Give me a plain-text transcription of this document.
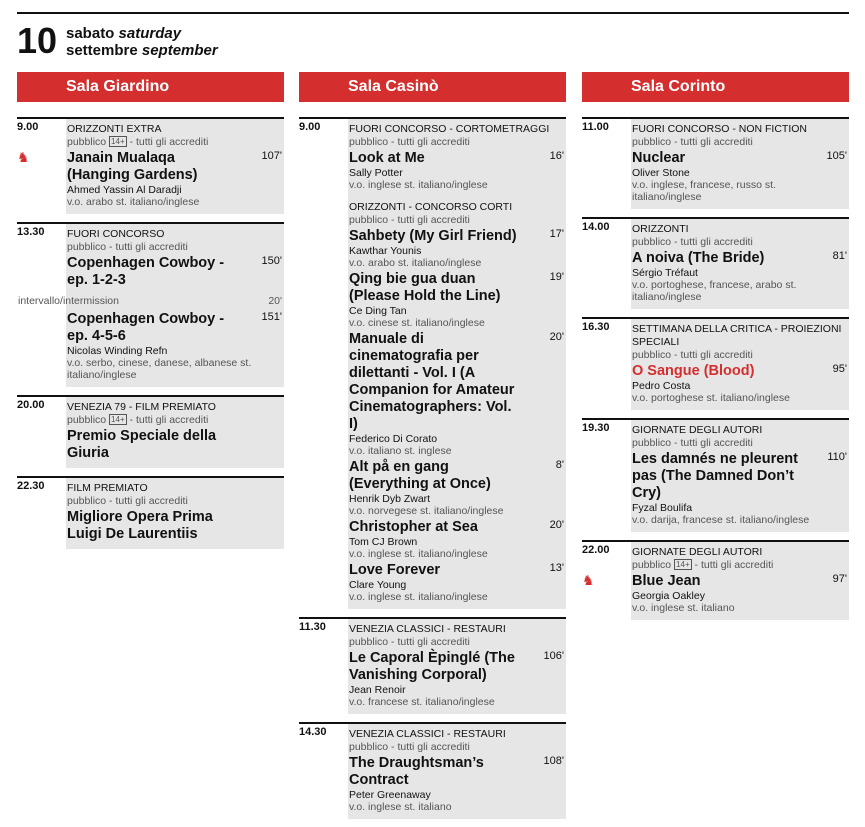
10 sabato saturday
settembre september
Sala Giardino	Sala Casinò	Sala Corinto
9.00
♞
ORIZZONTI EXTRA
pubblico 14+ - tutti gli accrediti
107'
Janain Mualaqa (Hanging Gardens)
Ahmed Yassin Al Daradji
v.o. arabo st. italiano/inglese
13.30 FUORI CONCORSO
pubblico - tutti gli accrediti
150'
Copenhagen Cowboy - ep. 1-2-3
intervallo/intermission	20'
151'
Copenhagen Cowboy - ep. 4-5-6
Nicolas Winding Refn
v.o. serbo, cinese, danese, albanese st. italiano/inglese
20.00 VENEZIA 79 - FILM PREMIATO
pubblico 14+ - tutti gli accrediti
Premio Speciale della Giuria
22.30 FILM PREMIATO
pubblico - tutti gli accrediti
Migliore Opera Prima Luigi De Laurentiis
9.00	FUORI CONCORSO - CORTOMETRAGGI
pubblico - tutti gli accrediti
16'
Look at Me
Sally Potter
v.o. inglese st. italiano/inglese
ORIZZONTI - CONCORSO CORTI
pubblico - tutti gli accrediti
17'
Sahbety (My Girl Friend)
Kawthar Younis
v.o. arabo st. italiano/inglese
19'
Qing bie gua duan (Please Hold the Line)
Ce Ding Tan
v.o. cinese st. italiano/inglese
20'
Manuale di cinematografia per dilettanti - Vol. I (A Companion for Amateur Cinematographers: Vol. I)
Federico Di Corato
v.o. italiano st. inglese
8'
Alt på en gang (Everything at Once)
Henrik Dyb Zwart
v.o. norvegese st. italiano/inglese
20'
Christopher at Sea
Tom CJ Brown
v.o. inglese st. italiano/inglese
13'
Love Forever
Clare Young
v.o. inglese st. italiano/inglese
11.30 VENEZIA CLASSICI - RESTAURI
pubblico - tutti gli accrediti
106'
Le Caporal Èpinglé (The Vanishing Corporal)
Jean Renoir
v.o. francese st. italiano/inglese
14.30 VENEZIA CLASSICI - RESTAURI
pubblico - tutti gli accrediti
108'
The Draughtsman’s Contract
Peter Greenaway
v.o. inglese st. italiano
11.00 FUORI CONCORSO - NON FICTION
pubblico - tutti gli accrediti
105'
Nuclear
Oliver Stone
v.o. inglese, francese, russo st. italiano/inglese
14.00 ORIZZONTI
pubblico - tutti gli accrediti
81'
A noiva (The Bride)
Sérgio Tréfaut
v.o. portoghese, francese, arabo st. italiano/inglese
16.30 SETTIMANA DELLA CRITICA - PROIEZIONI SPECIALI
pubblico - tutti gli accrediti
95'
O Sangue (Blood)
Pedro Costa
v.o. portoghese st. italiano/inglese
19.30 GIORNATE DEGLI AUTORI
pubblico - tutti gli accrediti
110'
Les damnés ne pleurent pas (The Damned Don’t Cry)
Fyzal Boulifa
v.o. darija, francese st. italiano/inglese
22.00
♞
GIORNATE DEGLI AUTORI
pubblico 14+ - tutti gli accrediti
97'
Blue Jean
Georgia Oakley
v.o. inglese st. italiano
